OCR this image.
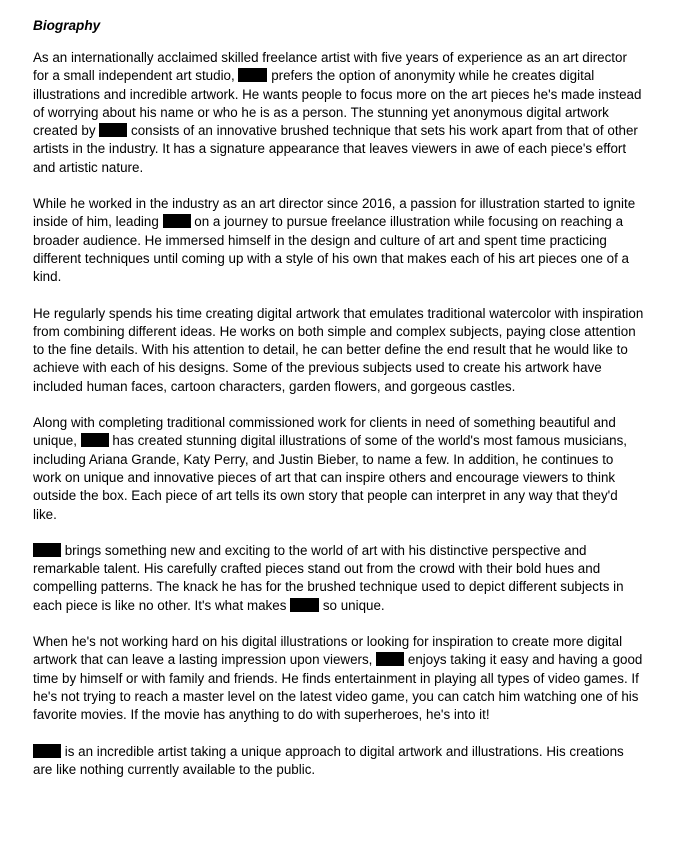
Biography

As an internationally acclaimed skilled freelance artist with five years of experience as an art director for a small independent art studio,	prefers the option of anonymity while he creates digital illustrations and incredible artwork. He wants people to focus more on the art pieces he's made instead of worrying about his name or who he is as a person. The stunning yet anonymous digital artwork created by	consists of an innovative brushed technique that sets his work apart from that of other artists in the industry. It has a signature appearance that leaves viewers in awe of each piece's effort and artistic nature.

While he worked in the industry as an art director since 2016, a passion for illustration started to ignite inside of him, leading	on a journey to pursue freelance illustration while focusing on reaching a broader audience. He immersed himself in the design and culture of art and spent time practicing different techniques until coming up with a style of his own that makes each of his art pieces one of a kind.

He regularly spends his time creating digital artwork that emulates traditional watercolor with inspiration from combining different ideas. He works on both simple and complex subjects, paying close attention to the fine details. With his attention to detail, he can better define the end result that he would like to achieve with each of his designs. Some of the previous subjects used to create his artwork have included human faces, cartoon characters, garden flowers, and gorgeous castles.

Along with completing traditional commissioned work for clients in need of something beautiful and unique,	has created stunning digital illustrations of some of the world's most famous musicians, including Ariana Grande, Katy Perry, and Justin Bieber, to name a few. In addition, he continues to work on unique and innovative pieces of art that can inspire others and encourage viewers to think outside the box. Each piece of art tells its own story that people can interpret in any way that they'd like.

brings something new and exciting to the world of art with his distinctive perspective and remarkable talent. His carefully crafted pieces stand out from the crowd with their bold hues and compelling patterns. The knack he has for the brushed technique used to depict different subjects in each piece is like no other. It's what makes	so unique.

When he's not working hard on his digital illustrations or looking for inspiration to create more digital artwork that can leave a lasting impression upon viewers,	enjoys taking it easy and having a good time by himself or with family and friends. He finds entertainment in playing all types of video games. If he's not trying to reach a master level on the latest video game, you can catch him watching one of his favorite movies. If the movie has anything to do with superheroes, he's into it!

is an incredible artist taking a unique approach to digital artwork and illustrations. His creations are like nothing currently available to the public.
